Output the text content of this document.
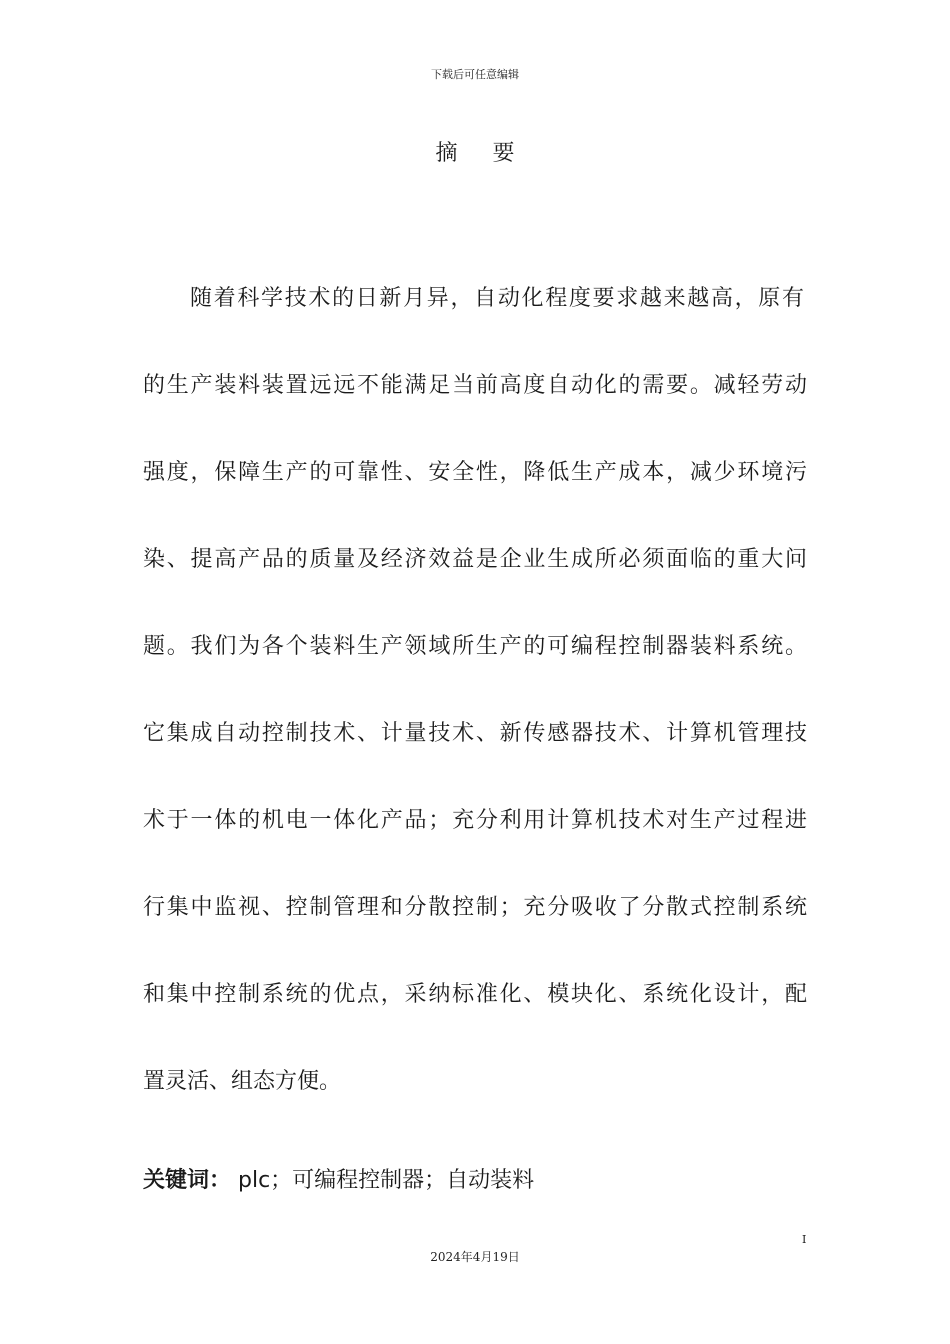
下载后可任意编辑
摘 要
随着科学技术的日新月异，自动化程度要求越来越高，原有
的生产装料装置远远不能满足当前高度自动化的需要。减轻劳动
强度，保障生产的可靠性、安全性，降低生产成本，减少环境污
染、提高产品的质量及经济效益是企业生成所必须面临的重大问
题。我们为各个装料生产领域所生产的可编程控制器装料系统。
它集成自动控制技术、计量技术、新传感器技术、计算机管理技
术于一体的机电一体化产品；充分利用计算机技术对生产过程进
行集中监视、控制管理和分散控制；充分吸收了分散式控制系统
和集中控制系统的优点，采纳标准化、模块化、系统化设计，配
置灵活、组态方便。
关键词： plc；可编程控制器；自动装料
I
2024年4月19日
